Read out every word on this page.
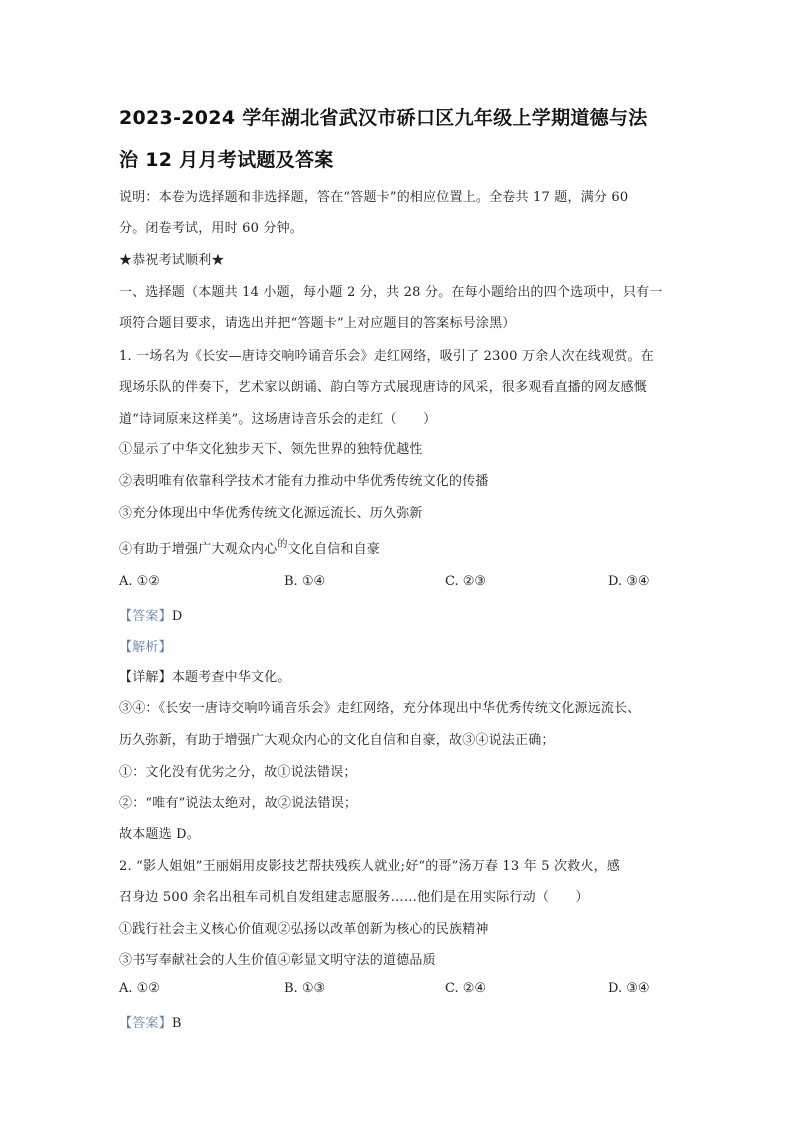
2023-2024 学年湖北省武汉市硚口区九年级上学期道德与法
治 12 月月考试题及答案
说明：本卷为选择题和非选择题，答在“答题卡”的相应位置上。全卷共 17 题，满分 60
分。闭卷考试，用时 60 分钟。
★恭祝考试顺利★
一、选择题（本题共 14 小题，每小题 2 分，共 28 分。在每小题给出的四个选项中，只有一
项符合题目要求，请选出并把“答题卡”上对应题目的答案标号涂黑）
1. 一场名为《长安—唐诗交响吟诵音乐会》走红网络，吸引了 2300 万余人次在线观赏。在
现场乐队的伴奏下，艺术家以朗诵、韵白等方式展现唐诗的风采，很多观看直播的网友感慨
道“诗词原来这样美”。这场唐诗音乐会的走红（　　）
①显示了中华文化独步天下、领先世界的独特优越性
②表明唯有依靠科学技术才能有力推动中华优秀传统文化的传播
③充分体现出中华优秀传统文化源远流长、历久弥新
④有助于增强广大观众内心$^的$文化自信和自豪
A. ①②	B. ①④	C. ②③	D. ③④
【答案】D
【解析】
【详解】本题考查中华文化。
③④：《长安一唐诗交响吟诵音乐会》走红网络，充分体现出中华优秀传统文化源远流长、
历久弥新，有助于增强广大观众内心的文化自信和自豪，故③④说法正确；
①：文化没有优劣之分，故①说法错误；
②：“唯有”说法太绝对，故②说法错误；
故本题选 D。
2. “影人姐姐”王丽娟用皮影技艺帮扶残疾人就业;好“的哥”汤万春 13 年 5 次救火，感
召身边 500 余名出租车司机自发组建志愿服务……他们是在用实际行动（　　）
①践行社会主义核心价值观②弘扬以改革创新为核心的民族精神
③书写奉献社会的人生价值④彰显文明守法的道德品质
A. ①②	B. ①③	C. ②④	D. ③④
【答案】B
